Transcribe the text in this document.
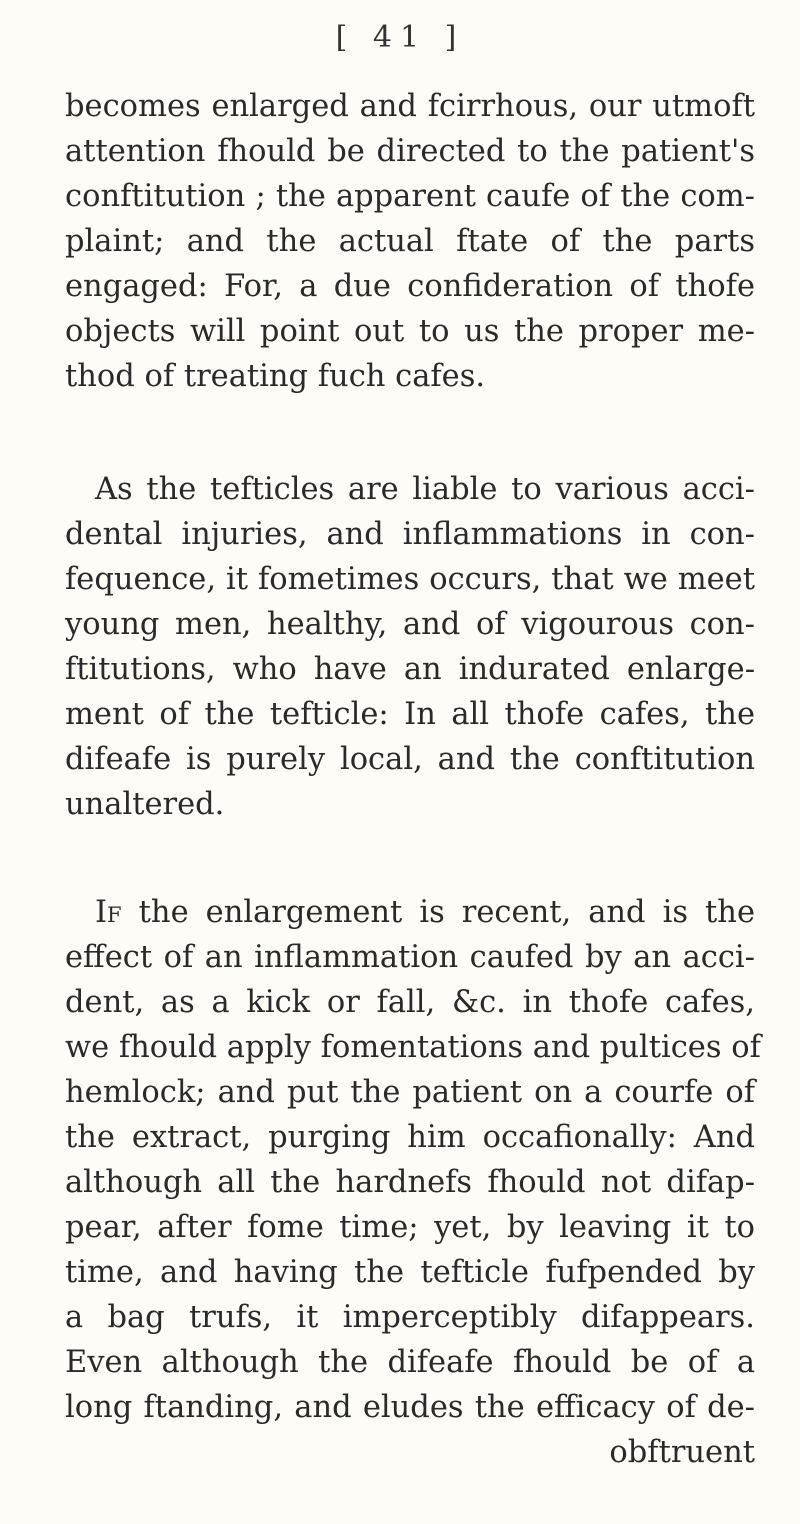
[ 41 ]
becomes enlarged and fcirrhous, our utmoft
attention fhould be directed to the patient's
conftitution ; the apparent caufe of the com-
plaint; and the actual ftate of the parts
engaged: For, a due confideration of thofe
objects will point out to us the proper me-
thod of treating fuch cafes.
As the tefticles are liable to various acci-
dental injuries, and inflammations in con-
fequence, it fometimes occurs, that we meet
young men, healthy, and of vigourous con-
ftitutions, who have an indurated enlarge-
ment of the tefticle: In all thofe cafes, the
difeafe is purely local, and the conftitution
unaltered.
If the enlargement is recent, and is the
effect of an inflammation caufed by an acci-
dent, as a kick or fall, &c. in thofe cafes,
we fhould apply fomentations and pultices of
hemlock; and put the patient on a courfe of
the extract, purging him occafionally: And
although all the hardnefs fhould not difap-
pear, after fome time; yet, by leaving it to
time, and having the tefticle fufpended by
a bag trufs, it imperceptibly difappears.
Even although the difeafe fhould be of a
long ftanding, and eludes the efficacy of de-
obftruent
